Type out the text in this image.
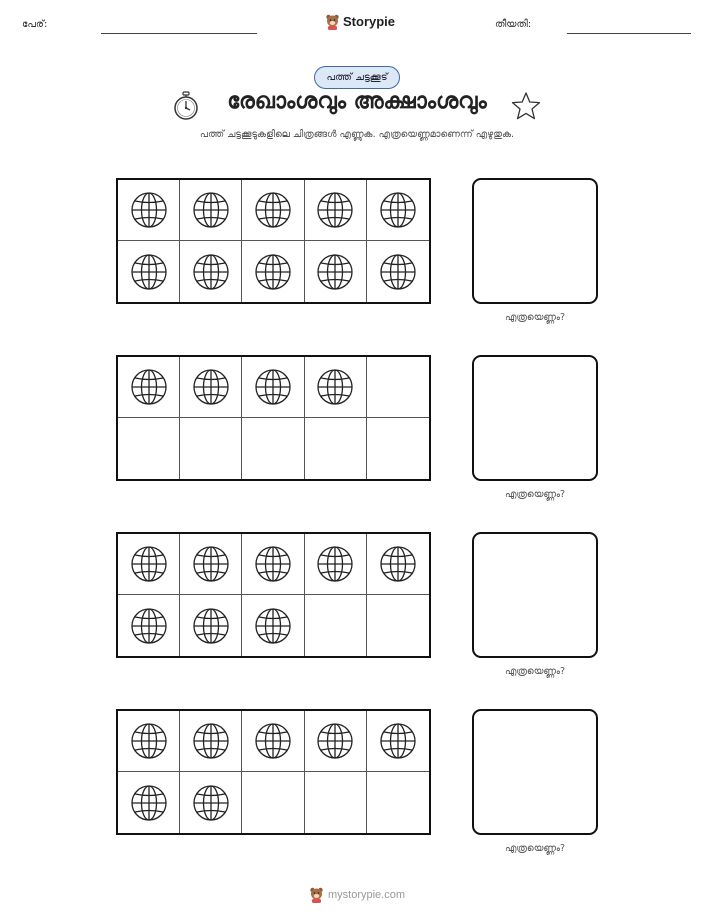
പേര്:	Storypie	തീയതി:
പത്ത് ചട്ടക്കൂട്
രേഖാംശവും അക്ഷാംശവും
പത്ത് ചട്ടക്കൂടുകളിലെ ചിത്രങ്ങൾ എണ്ണുക. എത്രയെണ്ണമാണെന്ന് എഴുതുക.
എത്രയെണ്ണം?
എത്രയെണ്ണം?
എത്രയെണ്ണം?
എത്രയെണ്ണം?
mystorypie.com
